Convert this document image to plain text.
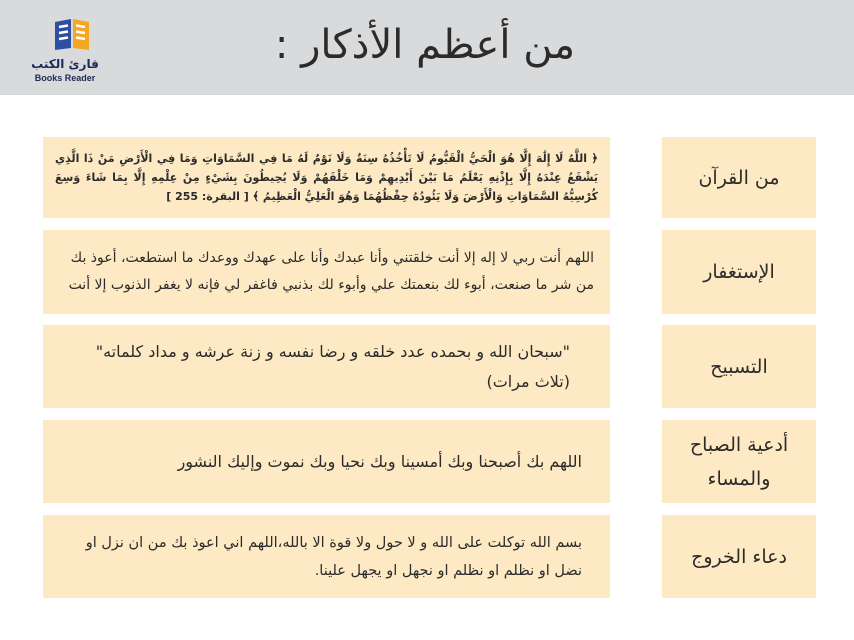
قارئ الكتب
Books Reader
من أعظم الأذكار :
من القرآن
﴿ اللَّهُ لَا إِلَٰهَ إِلَّا هُوَ الْحَيُّ الْقَيُّومُ لَا تَأْخُذُهُ سِنَةٌ وَلَا نَوْمٌ لَهُ مَا فِي السَّمَاوَاتِ وَمَا فِي الْأَرْضِ مَنْ ذَا الَّذِي يَشْفَعُ عِنْدَهُ إِلَّا بِإِذْنِهِ يَعْلَمُ مَا بَيْنَ أَيْدِيهِمْ وَمَا خَلْفَهُمْ وَلَا يُحِيطُونَ بِشَيْءٍ مِنْ عِلْمِهِ إِلَّا بِمَا شَاءَ وَسِعَ كُرْسِيُّهُ السَّمَاوَاتِ وَالْأَرْضَ وَلَا يَئُودُهُ حِفْظُهُمَا وَهُوَ الْعَلِيُّ الْعَظِيمُ ﴾ [ البقرة: 255 ]
الإستغفار
اللهم أنت ربي لا إله إلا أنت خلقتني وأنا عبدك وأنا على عهدك ووعدك ما استطعت، أعوذ بك من شر ما صنعت، أبوء لك بنعمتك علي وأبوء لك بذنبي فاغفر لي فإنه لا يغفر الذنوب إلا أنت
التسبيح
"سبحان الله و بحمده عدد خلقه و رضا نفسه و زنة عرشه و مداد كلماته" (تلاث مرات)
أدعية الصباح والمساء
اللهم بك أصبحنا وبك أمسينا وبك نحيا وبك نموت وإليك النشور
دعاء الخروج
بسم الله توكلت على الله و لا حول ولا قوة الا بالله،اللهم اني اعوذ بك من ان نزل او نضل او نظلم او نظلم او نجهل او يجهل علينا.
